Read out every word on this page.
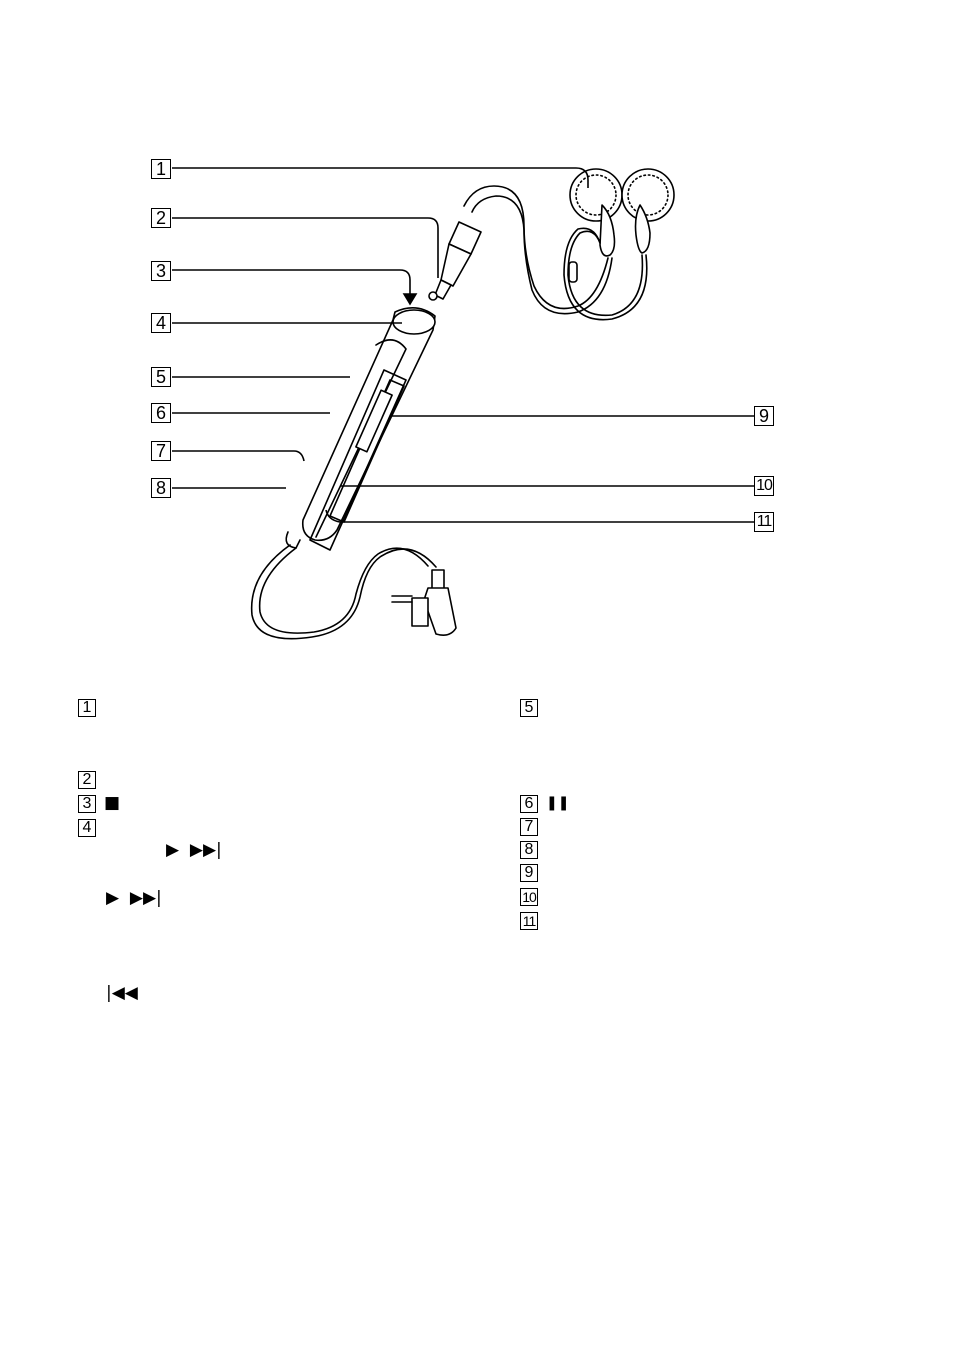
1
2
3
4
5
6
7
8
9
10
11
1
2
3 ■
4
▶  ▶▶|
▶  ▶▶|
|◀◀
5
6 ❚❚
7
8
9
10
11
